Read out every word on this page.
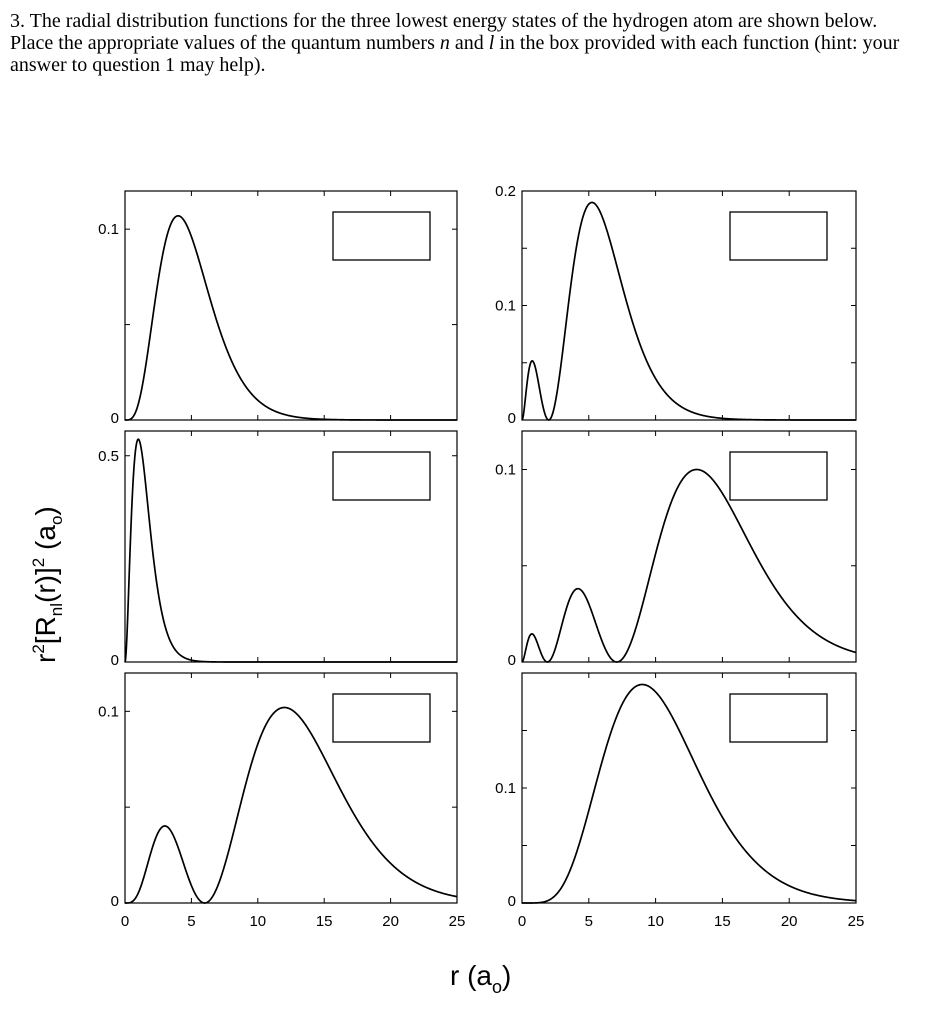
3. The radial distribution functions for the three lowest energy states of the hydrogen atom are shown below. Place the appropriate values of the quantum numbers n and l in the box provided with each function (hint: your answer to question 1 may help).

0
0.1
0
0.1
0.2
0
0.5
0
0.1
0
0.1
0
0.1
0	5	10	15	20	25	0	5	10	15	20	25
r $(a_o)$
$r^2[R_{nl}(r)]^2$ $(a_o)$
